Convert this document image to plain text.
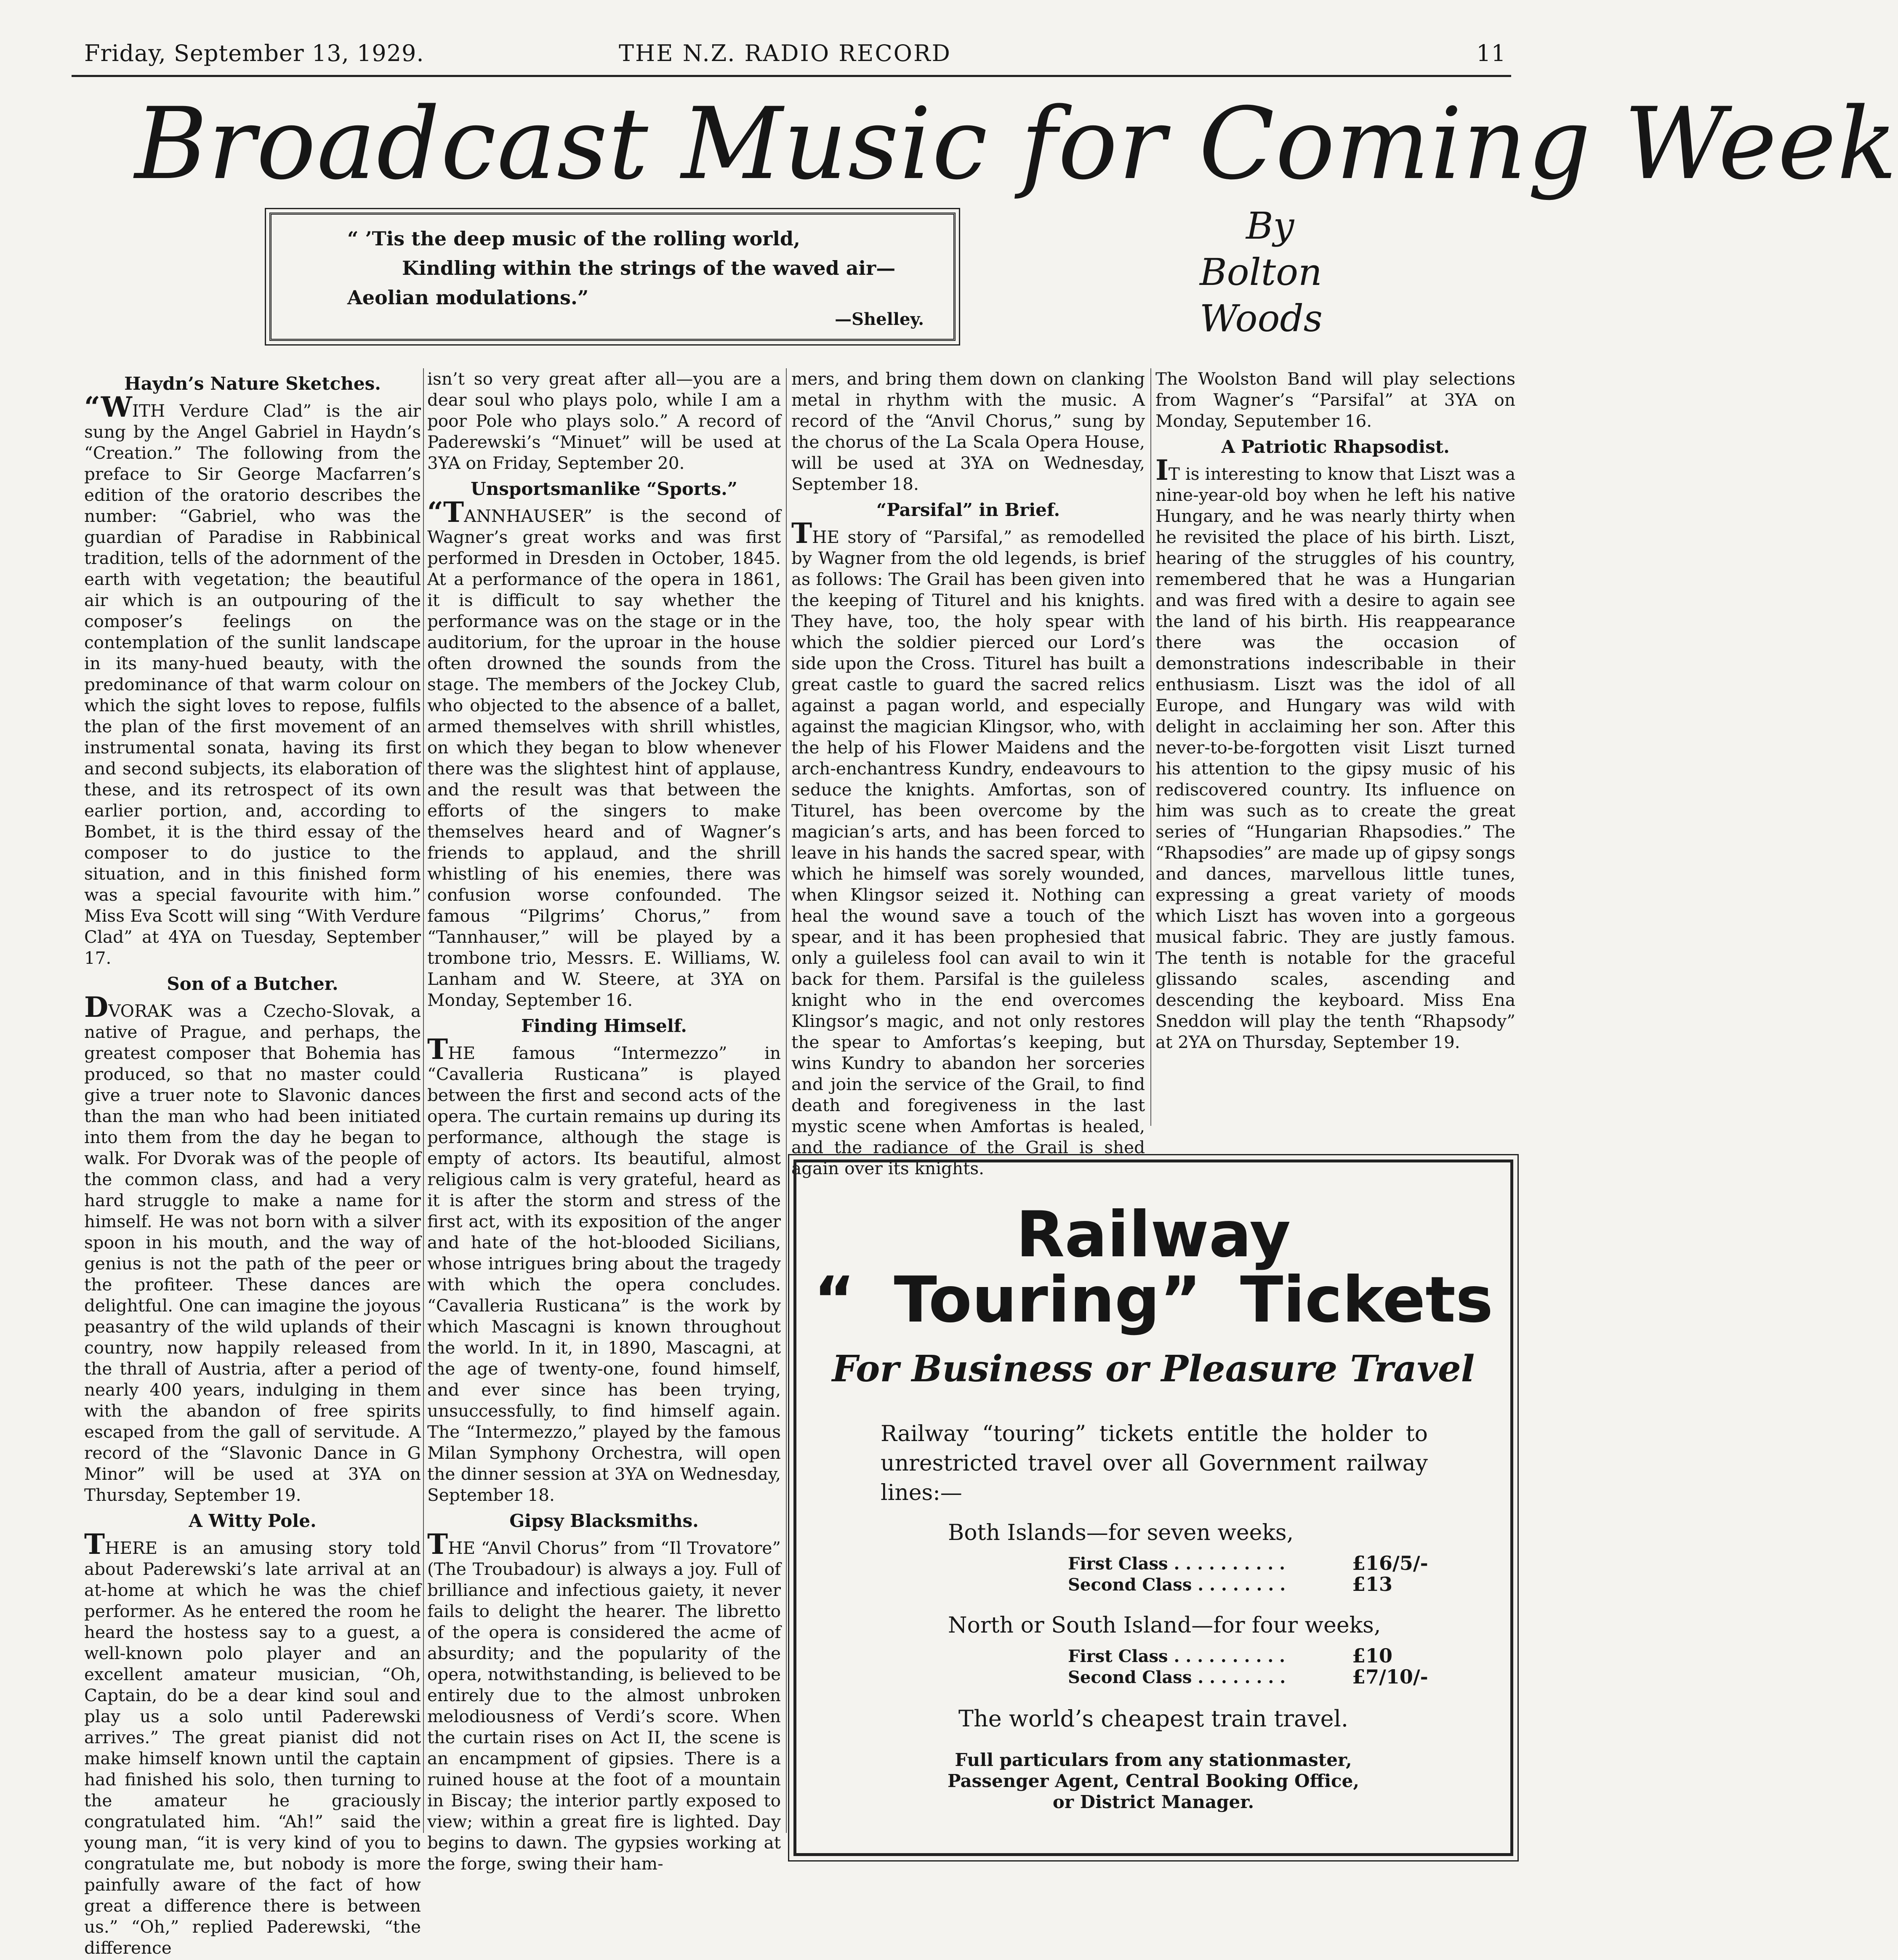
Friday, September 13, 1929.	THE N.Z. RADIO RECORD	11
Broadcast Music for Coming Week
“ ’Tis the deep music of the rolling world,
Kindling within the strings of the waved air—
Aeolian modulations.”
—Shelley.
By
Bolton
Woods
Haydn’s Nature Sketches.

“WITH Verdure Clad” is the air sung by the Angel Gabriel in Haydn’s “Creation.” The following from the preface to Sir George Macfarren’s edition of the oratorio describes the number: “Gabriel, who was the guardian of Paradise in Rabbinical tradition, tells of the adornment of the earth with vegetation; the beautiful air which is an outpouring of the composer’s feelings on the contemplation of the sunlit landscape in its many-hued beauty, with the predominance of that warm colour on which the sight loves to repose, fulfils the plan of the first movement of an instrumental sonata, having its first and second subjects, its elaboration of these, and its retrospect of its own earlier portion, and, according to Bombet, it is the third essay of the composer to do justice to the situation, and in this finished form was a special favourite with him.” Miss Eva Scott will sing “With Verdure Clad” at 4YA on Tuesday, September 17.

Son of a Butcher.

DVORAK was a Czecho-Slovak, a native of Prague, and perhaps, the greatest composer that Bohemia has produced, so that no master could give a truer note to Slavonic dances than the man who had been initiated into them from the day he began to walk. For Dvorak was of the people of the common class, and had a very hard struggle to make a name for himself. He was not born with a silver spoon in his mouth, and the way of genius is not the path of the peer or the profiteer. These dances are delightful. One can imagine the joyous peasantry of the wild uplands of their country, now happily released from the thrall of Austria, after a period of nearly 400 years, indulging in them with the abandon of free spirits escaped from the gall of servitude. A record of the “Slavonic Dance in G Minor” will be used at 3YA on Thursday, September 19.

A Witty Pole.

THERE is an amusing story told about Paderewski’s late arrival at an at-home at which he was the chief performer. As he entered the room he heard the hostess say to a guest, a well-known polo player and an excellent amateur musician, “Oh, Captain, do be a dear kind soul and play us a solo until Paderewski arrives.” The great pianist did not make himself known until the captain had finished his solo, then turning to the amateur he graciously congratulated him. “Ah!” said the young man, “it is very kind of you to congratulate me, but nobody is more painfully aware of the fact of how great a difference there is between us.” “Oh,” replied Paderewski, “the difference

isn’t so very great after all—you are a dear soul who plays polo, while I am a poor Pole who plays solo.” A record of Paderewski’s “Minuet” will be used at 3YA on Friday, September 20.

Unsportsmanlike “Sports.”

“TANNHAUSER” is the second of Wagner’s great works and was first performed in Dresden in October, 1845. At a performance of the opera in 1861, it is difficult to say whether the performance was on the stage or in the auditorium, for the uproar in the house often drowned the sounds from the stage. The members of the Jockey Club, who objected to the absence of a ballet, armed themselves with shrill whistles, on which they began to blow whenever there was the slightest hint of applause, and the result was that between the efforts of the singers to make themselves heard and of Wagner’s friends to applaud, and the shrill whistling of his enemies, there was confusion worse confounded. The famous “Pilgrims’ Chorus,” from “Tannhauser,” will be played by a trombone trio, Messrs. E. Williams, W. Lanham and W. Steere, at 3YA on Monday, September 16.

Finding Himself.

THE famous “Intermezzo” in “Cavalleria Rusticana” is played between the first and second acts of the opera. The curtain remains up during its performance, although the stage is empty of actors. Its beautiful, almost religious calm is very grateful, heard as it is after the storm and stress of the first act, with its exposition of the anger and hate of the hot-blooded Sicilians, whose intrigues bring about the tragedy with which the opera concludes. “Cavalleria Rusticana” is the work by which Mascagni is known throughout the world. In it, in 1890, Mascagni, at the age of twenty-one, found himself, and ever since has been trying, unsuccessfully, to find himself again. The “Intermezzo,” played by the famous Milan Symphony Orchestra, will open the dinner session at 3YA on Wednesday, September 18.

Gipsy Blacksmiths.

THE “Anvil Chorus” from “Il Trovatore” (The Troubadour) is always a joy. Full of brilliance and infectious gaiety, it never fails to delight the hearer. The libretto of the opera is considered the acme of absurdity; and the popularity of the opera, notwithstanding, is believed to be entirely due to the almost unbroken melodiousness of Verdi’s score. When the curtain rises on Act II, the scene is an encampment of gipsies. There is a ruined house at the foot of a mountain in Biscay; the interior partly exposed to view; within a great fire is lighted. Day begins to dawn. The gypsies working at the forge, swing their ham-

mers, and bring them down on clanking metal in rhythm with the music. A record of the “Anvil Chorus,” sung by the chorus of the La Scala Opera House, will be used at 3YA on Wednesday, September 18.

“Parsifal” in Brief.

THE story of “Parsifal,” as remodelled by Wagner from the old legends, is brief as follows: The Grail has been given into the keeping of Titurel and his knights. They have, too, the holy spear with which the soldier pierced our Lord’s side upon the Cross. Titurel has built a great castle to guard the sacred relics against a pagan world, and especially against the magician Klingsor, who, with the help of his Flower Maidens and the arch-enchantress Kundry, endeavours to seduce the knights. Amfortas, son of Titurel, has been overcome by the magician’s arts, and has been forced to leave in his hands the sacred spear, with which he himself was sorely wounded, when Klingsor seized it. Nothing can heal the wound save a touch of the spear, and it has been prophesied that only a guileless fool can avail to win it back for them. Parsifal is the guileless knight who in the end overcomes Klingsor’s magic, and not only restores the spear to Amfortas’s keeping, but wins Kundry to abandon her sorceries and join the service of the Grail, to find death and foregiveness in the last mystic scene when Amfortas is healed, and the radiance of the Grail is shed again over its knights.

The Woolston Band will play selections from Wagner’s “Parsifal” at 3YA on Monday, Seputember 16.

A Patriotic Rhapsodist.

IT is interesting to know that Liszt was a nine-year-old boy when he left his native Hungary, and he was nearly thirty when he revisited the place of his birth. Liszt, hearing of the struggles of his country, remembered that he was a Hungarian and was fired with a desire to again see the land of his birth. His reappearance there was the occasion of demonstrations indescribable in their enthusiasm. Liszt was the idol of all Europe, and Hungary was wild with delight in acclaiming her son. After this never-to-be-forgotten visit Liszt turned his attention to the gipsy music of his rediscovered country. Its influence on him was such as to create the great series of “Hungarian Rhapsodies.” The “Rhapsodies” are made up of gipsy songs and dances, marvellous little tunes, expressing a great variety of moods which Liszt has woven into a gorgeous musical fabric. They are justly famous. The tenth is notable for the graceful glissando scales, ascending and descending the keyboard. Miss Ena Sneddon will play the tenth “Rhapsody” at 2YA on Thursday, September 19.

Railway
“ Touring” Tickets
For Business or Pleasure Travel
Railway “touring” tickets entitle the holder to unrestricted travel over all Government railway lines:—
Both Islands—for seven weeks,
First Class . . . . . . . . . .	£16/5/-
Second Class . . . . . . . .	£13
North or South Island—for four weeks,
First Class . . . . . . . . . .	£10
Second Class . . . . . . . .	£7/10/-
The world’s cheapest train travel.
Full particulars from any stationmaster,
Passenger Agent, Central Booking Office,
or District Manager.
